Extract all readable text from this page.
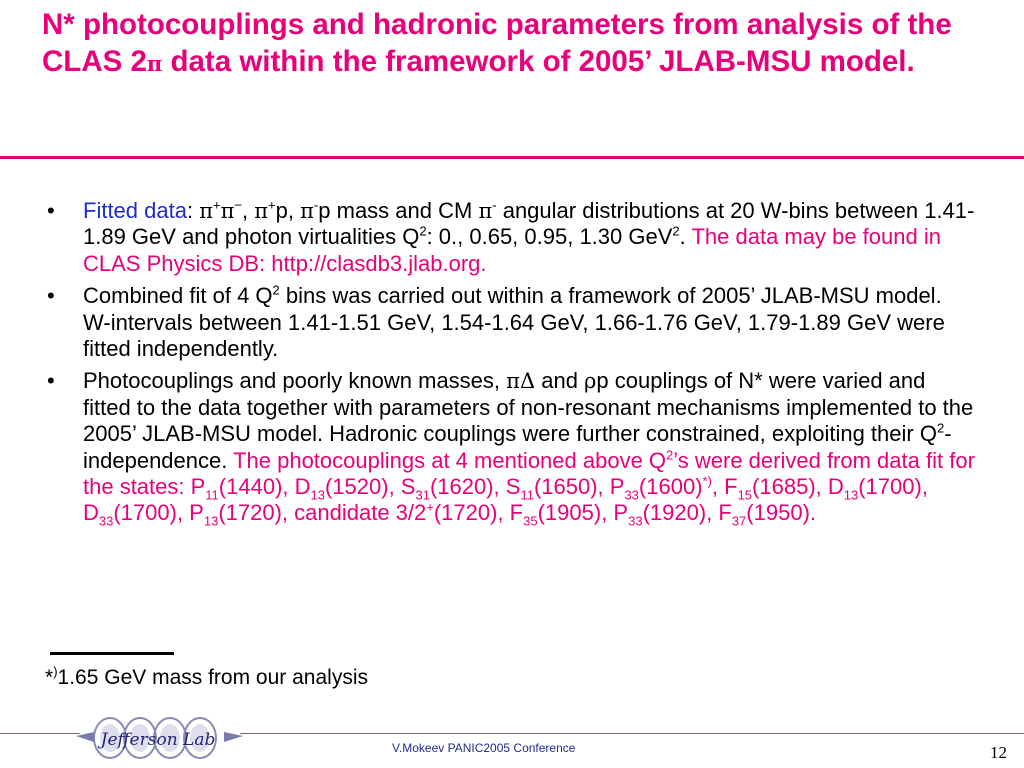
N* photocouplings and hadronic parameters from analysis of the CLAS 2π data within the framework of 2005’ JLAB-MSU model.
• Fitted data: π+π−, π+p, π-p mass and CM π- angular distributions at 20 W-bins between 1.41-1.89 GeV and photon virtualities $Q^2$: 0., 0.65, 0.95, 1.30 GeV$^2$. The data may be found in CLAS Physics DB: http://clasdb3.jlab.org.
• Combined fit of 4 $Q^2$ bins was carried out within a framework of 2005’ JLAB-MSU model. W-intervals between 1.41-1.51 GeV, 1.54-1.64 GeV, 1.66-1.76 GeV, 1.79-1.89 GeV were fitted independently.
• Photocouplings and poorly known masses, πΔ and ρp couplings of N* were varied and fitted to the data together with parameters of non-resonant mechanisms implemented to the 2005’ JLAB-MSU model. Hadronic couplings were further constrained, exploiting their $Q^2$-independence. The photocouplings at 4 mentioned above $Q^2’s$ were derived from data fit for the states: $P_{11}(1440)$, $D_{13}(1520)$, $S_{31}(1620)$, $S_{11}(1650)$, $P_{33}(1600)^{*)}$, $F_{15}(1685)$, $D_{13}(1700)$, $D_{33}(1700)$, $P_{13}(1720)$, candidate 3/2+(1720), $F_{35}(1905)$, $P_{33}(1920)$, $F_{37}(1950)$.
*)1.65 GeV mass from our analysis
Jefferson Lab	V.Mokeev PANIC2005 Conference	12
